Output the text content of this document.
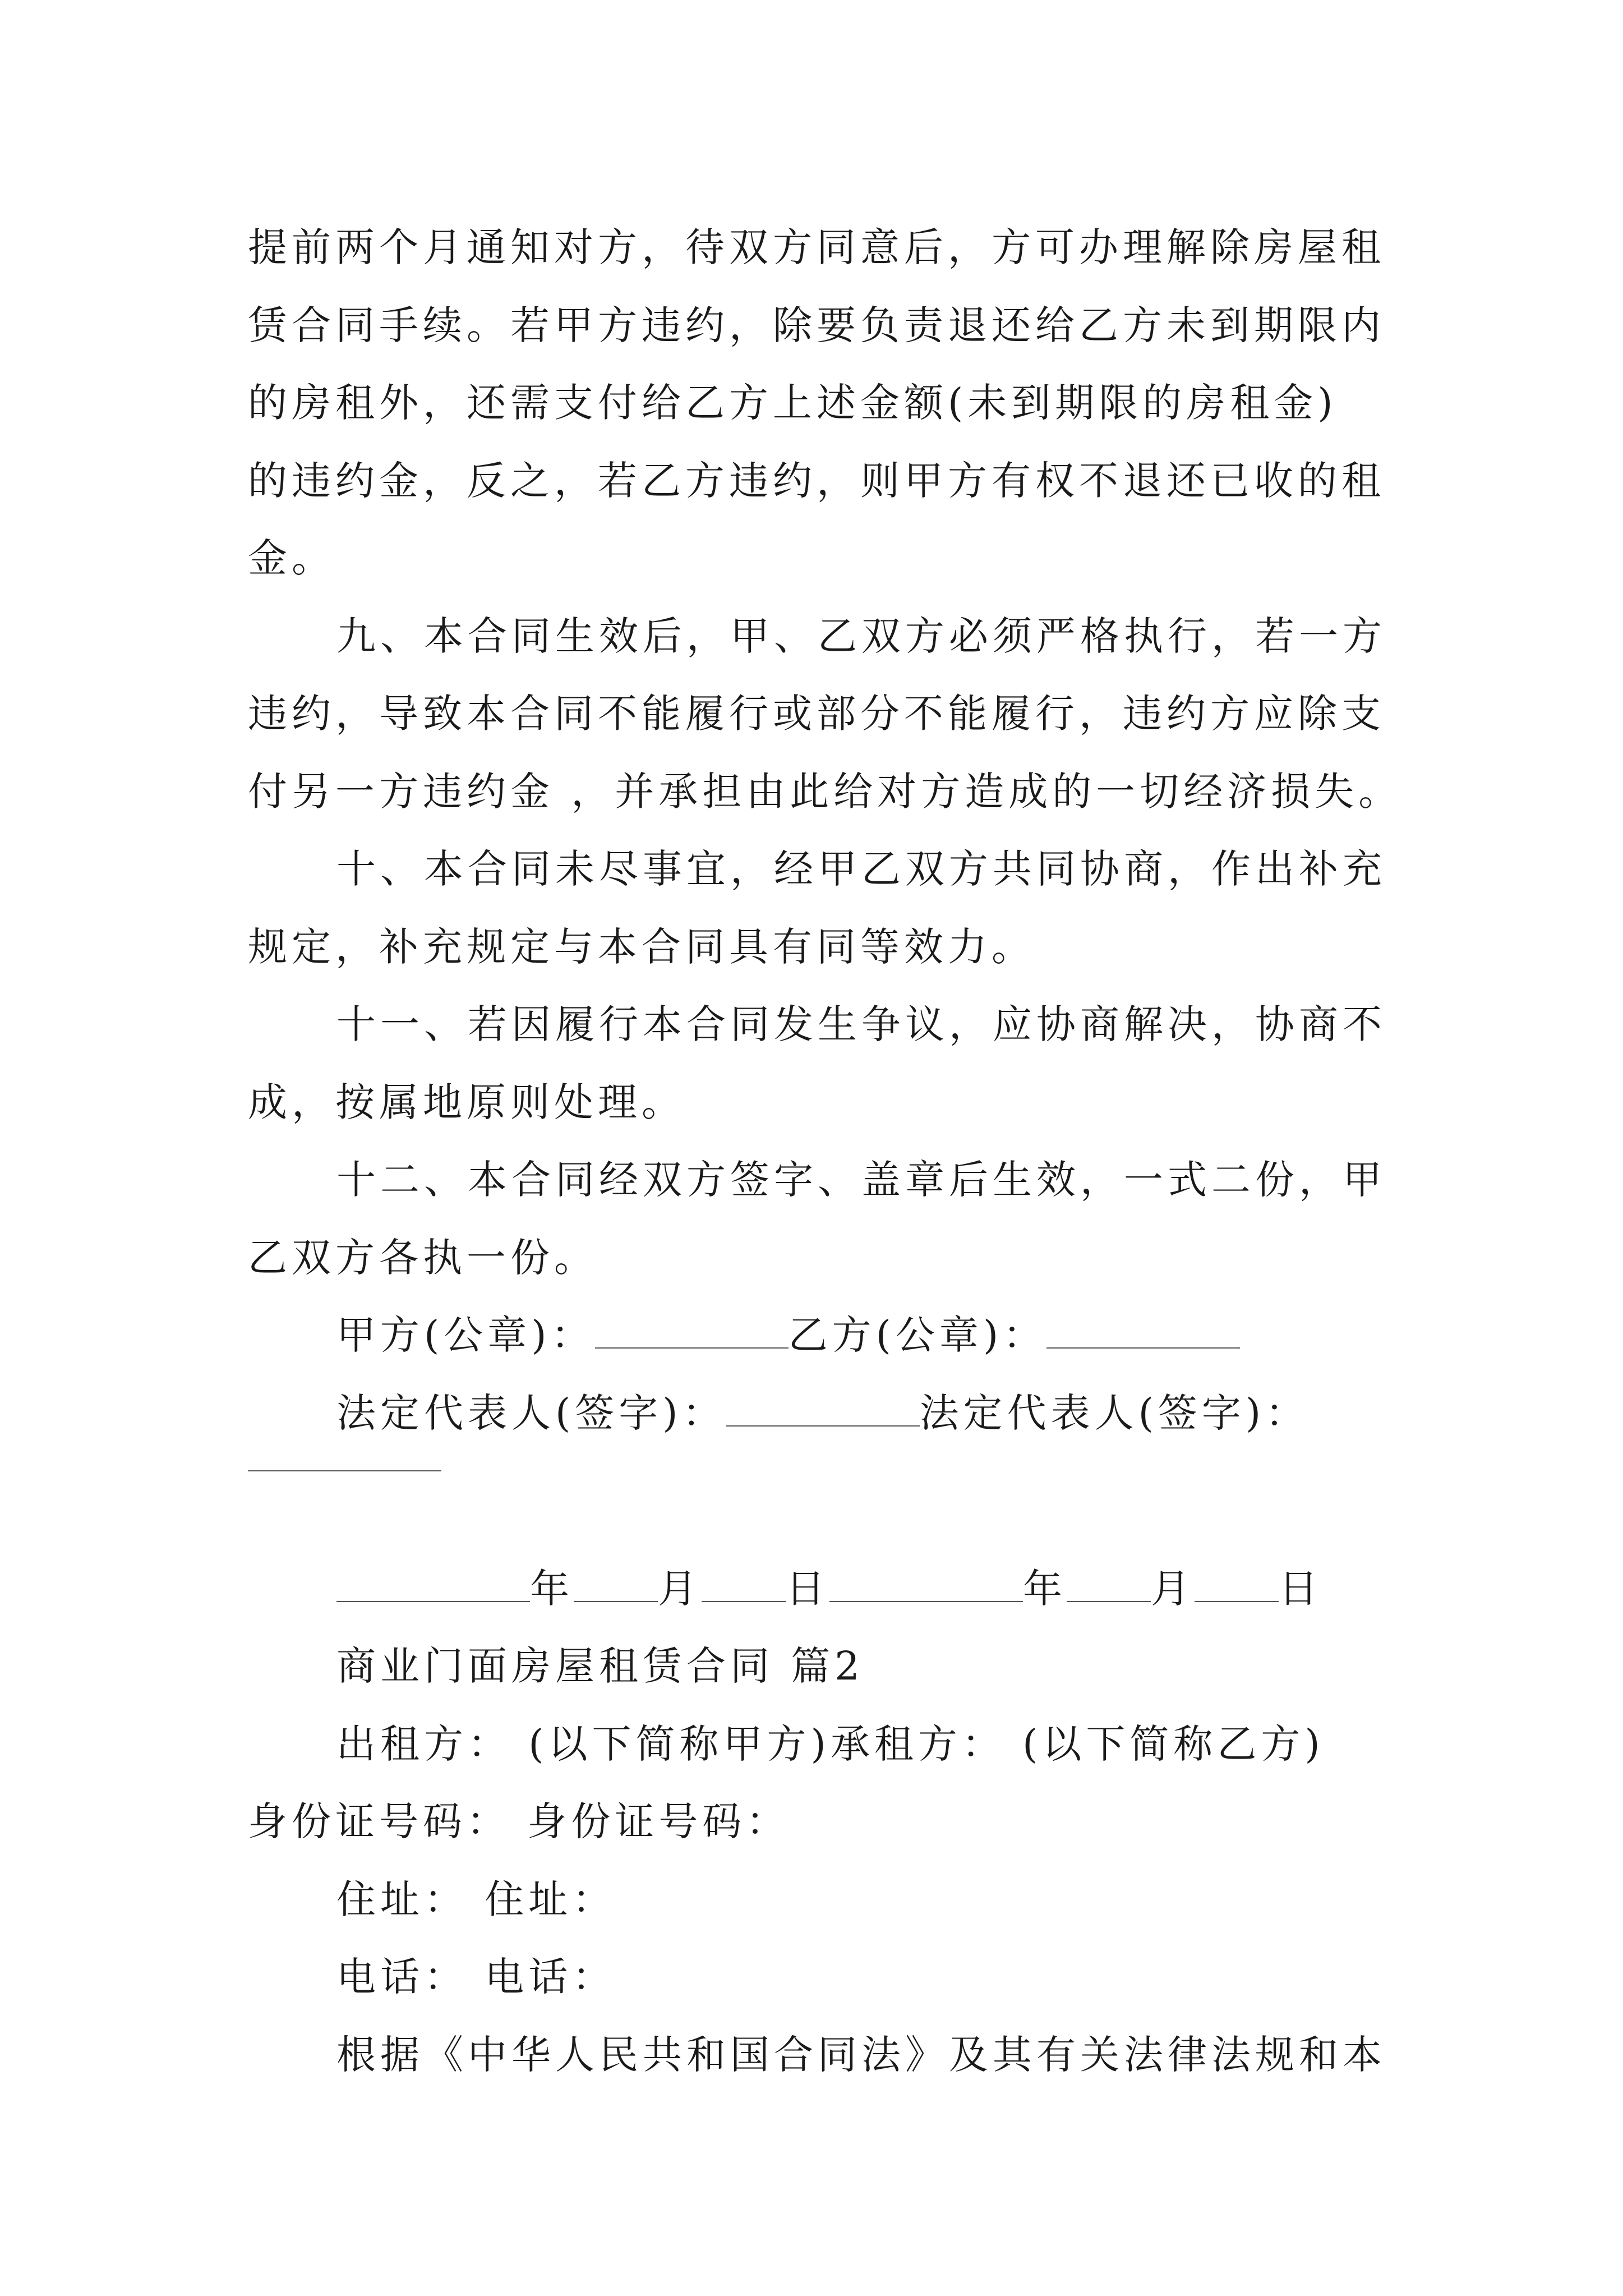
提前两个月通知对方，待双方同意后，方可办理解除房屋租
赁合同手续。若甲方违约，除要负责退还给乙方未到期限内
的房租外，还需支付给乙方上述金额(未到期限的房租金)
的违约金，反之，若乙方违约，则甲方有权不退还已收的租
金。
九、本合同生效后，甲、乙双方必须严格执行，若一方
违约，导致本合同不能履行或部分不能履行，违约方应除支
付另一方违约金 ，并承担由此给对方造成的一切经济损失。
十、本合同未尽事宜，经甲乙双方共同协商，作出补充
规定，补充规定与本合同具有同等效力。
十一、若因履行本合同发生争议，应协商解决，协商不
成，按属地原则处理。
十二、本合同经双方签字、盖章后生效，一式二份，甲
乙双方各执一份。
甲方(公章)：	乙方(公章)：
法定代表人(签字)：	法定代表人(签字)：
年 月 日	年 月 日
商业门面房屋租赁合同 篇2
出租方： (以下简称甲方)承租方： (以下简称乙方)
身份证号码： 身份证号码：
住址： 住址：
电话： 电话：
根据《中华人民共和国合同法》及其有关法律法规和本
